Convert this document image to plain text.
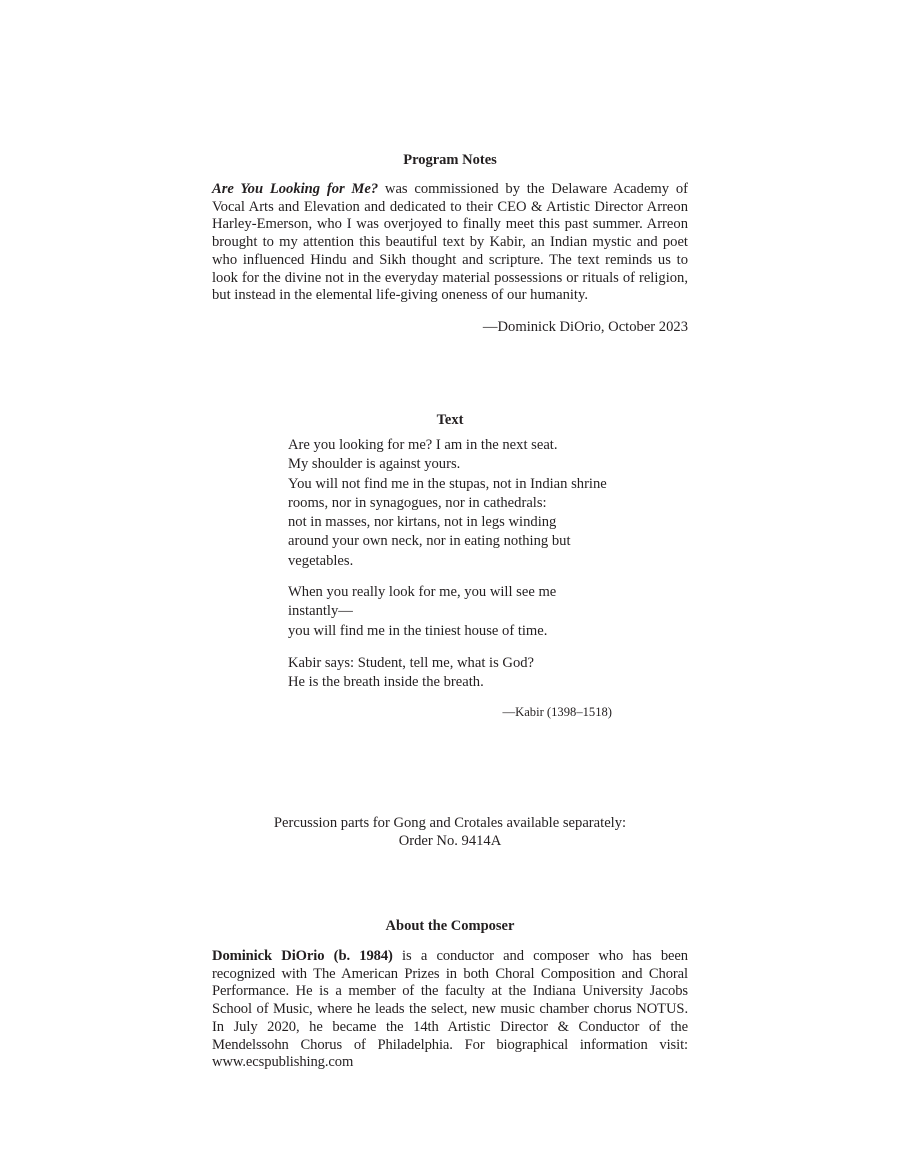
Program Notes

Are You Looking for Me? was commissioned by the Delaware Academy of Vocal Arts and Elevation and dedicated to their CEO & Artistic Director Arreon Harley-Emerson, who I was overjoyed to finally meet this past summer. Arreon brought to my attention this beautiful text by Kabir, an Indian mystic and poet who influenced Hindu and Sikh thought and scripture. The text reminds us to look for the divine not in the everyday material possessions or rituals of religion, but instead in the elemental life-giving oneness of our humanity.

—Dominick DiOrio, October 2023

Text

Are you looking for me? I am in the next seat.
My shoulder is against yours.
You will not find me in the stupas, not in Indian shrine
rooms, nor in synagogues, nor in cathedrals:
not in masses, nor kirtans, not in legs winding
around your own neck, nor in eating nothing but
vegetables.

When you really look for me, you will see me
instantly—
you will find me in the tiniest house of time.

Kabir says: Student, tell me, what is God?
He is the breath inside the breath.

—Kabir (1398–1518)

Percussion parts for Gong and Crotales available separately:
Order No. 9414A

About the Composer

Dominick DiOrio (b. 1984) is a conductor and composer who has been recognized with The American Prizes in both Choral Composition and Choral Performance. He is a member of the faculty at the Indiana University Jacobs School of Music, where he leads the select, new music chamber chorus NOTUS. In July 2020, he became the 14th Artistic Director & Conductor of the Mendelssohn Chorus of Philadelphia. For biographical information visit: www.ecspublishing.com
